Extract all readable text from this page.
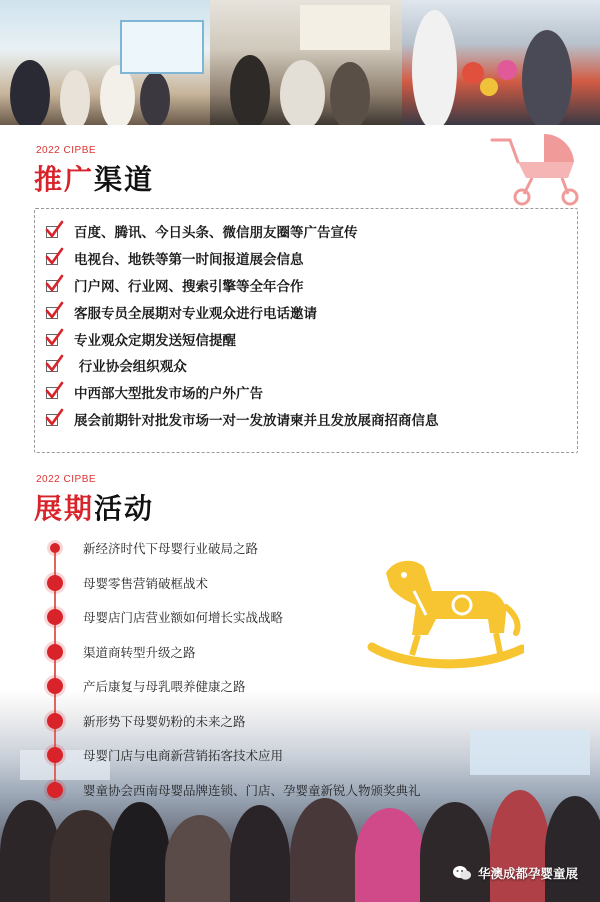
2022 CIPBE
推广渠道
百度、腾讯、今日头条、微信朋友圈等广告宣传
电视台、地铁等第一时间报道展会信息
门户网、行业网、搜索引擎等全年合作
客服专员全展期对专业观众进行电话邀请
专业观众定期发送短信提醒
行业协会组织观众
中西部大型批发市场的户外广告
展会前期针对批发市场一对一发放请柬并且发放展商招商信息
2022 CIPBE
展期活动
新经济时代下母婴行业破局之路
母婴零售营销破框战术
母婴店门店营业额如何增长实战战略
渠道商转型升级之路
产后康复与母乳喂养健康之路
新形势下母婴奶粉的未来之路
母婴门店与电商新营销拓客技术应用
婴童协会西南母婴品牌连锁、门店、孕婴童新锐人物颁奖典礼
华澳成都孕婴童展
